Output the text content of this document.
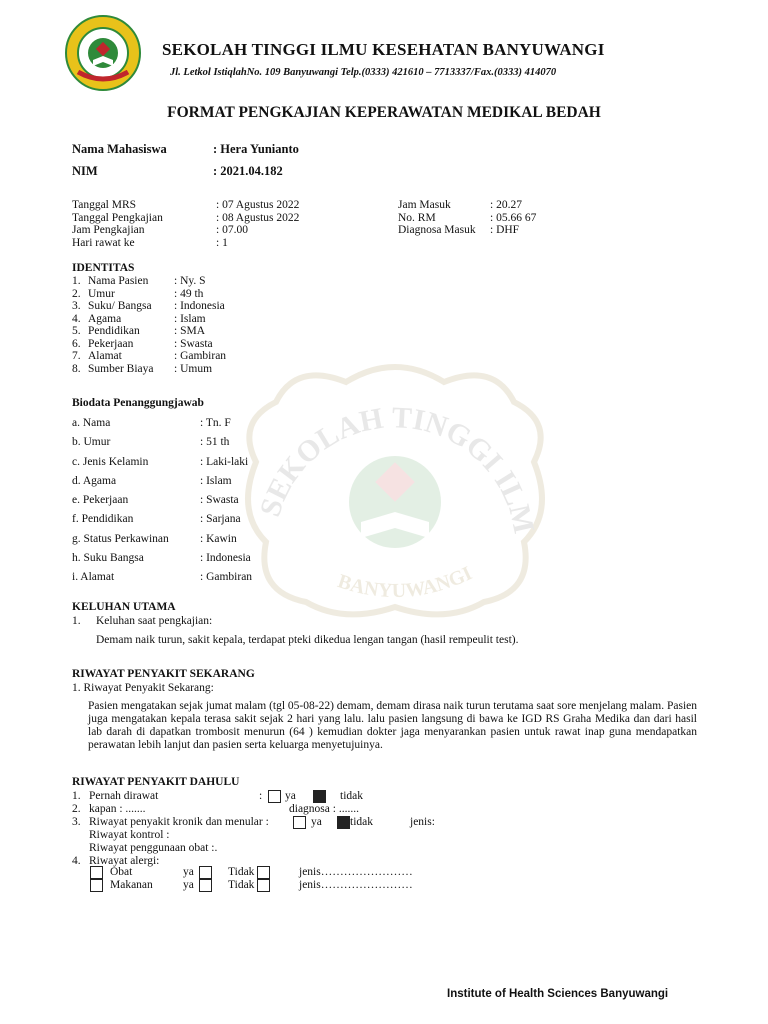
SEKOLAH TINGGI ILMU KESEHATAN BANYUWANGI
Jl. Letkol IstiqlahNo. 109 Banyuwangi Telp.(0333) 421610 – 7713337/Fax.(0333) 414070
FORMAT PENGKAJIAN KEPERAWATAN MEDIKAL BEDAH
Nama Mahasiswa	: Hera Yunianto
NIM	: 2021.04.182
Tanggal MRS	: 07 Agustus 2022
Tanggal Pengkajian	: 08 Agustus 2022
Jam Pengkajian	: 07.00
Hari rawat ke	: 1
Jam Masuk	: 20.27
No. RM	: 05.66 67
Diagnosa Masuk : DHF
SEKOLAH TINGGI ILM
BANYUWANGI
IDENTITAS
1. Nama Pasien : Ny. S
2. Umur	: 49 th
3. Suku/ Bangsa : Indonesia
4. Agama	: Islam
5. Pendidikan	: SMA
6. Pekerjaan	: Swasta
7. Alamat	: Gambiran
8. Sumber Biaya : Umum
Biodata Penanggungjawab
a. Nama	: Tn. F
b. Umur	: 51 th
c. Jenis Kelamin	: Laki-laki
d. Agama	: Islam
e. Pekerjaan	: Swasta
f. Pendidikan	: Sarjana
g. Status Perkawinan	: Kawin
h. Suku Bangsa	: Indonesia
i. Alamat	: Gambiran
KELUHAN UTAMA
1. Keluhan saat pengkajian:
Demam naik turun, sakit kepala, terdapat pteki dikedua lengan tangan (hasil rempeulit test).
RIWAYAT PENYAKIT SEKARANG
1. Riwayat Penyakit Sekarang:
Pasien mengatakan sejak jumat malam (tgl 05-08-22) demam, demam dirasa naik turun terutama saat sore menjelang malam. Pasien juga mengatakan kepala terasa sakit sejak 2 hari yang lalu. lalu pasien langsung di bawa ke IGD RS Graha Medika dan dari hasil lab darah di dapatkan trombosit menurun (64 ) kemudian dokter jaga menyarankan pasien untuk rawat inap guna mendapatkan perawatan lebih lanjut dan pasien serta keluarga menyetujuinya.
RIWAYAT PENYAKIT DAHULU
1. Pernah dirawat	: ya	tidak
2. kapan : .......	diagnosa : .......
3. Riwayat penyakit kronik dan menular :	ya tidak	jenis:
Riwayat kontrol :
Riwayat penggunaan obat :.
4. Riwayat alergi:
Obat	ya	Tidak	jenis……………………
Makanan	ya	Tidak	jenis……………………
Institute of Health Sciences Banyuwangi
